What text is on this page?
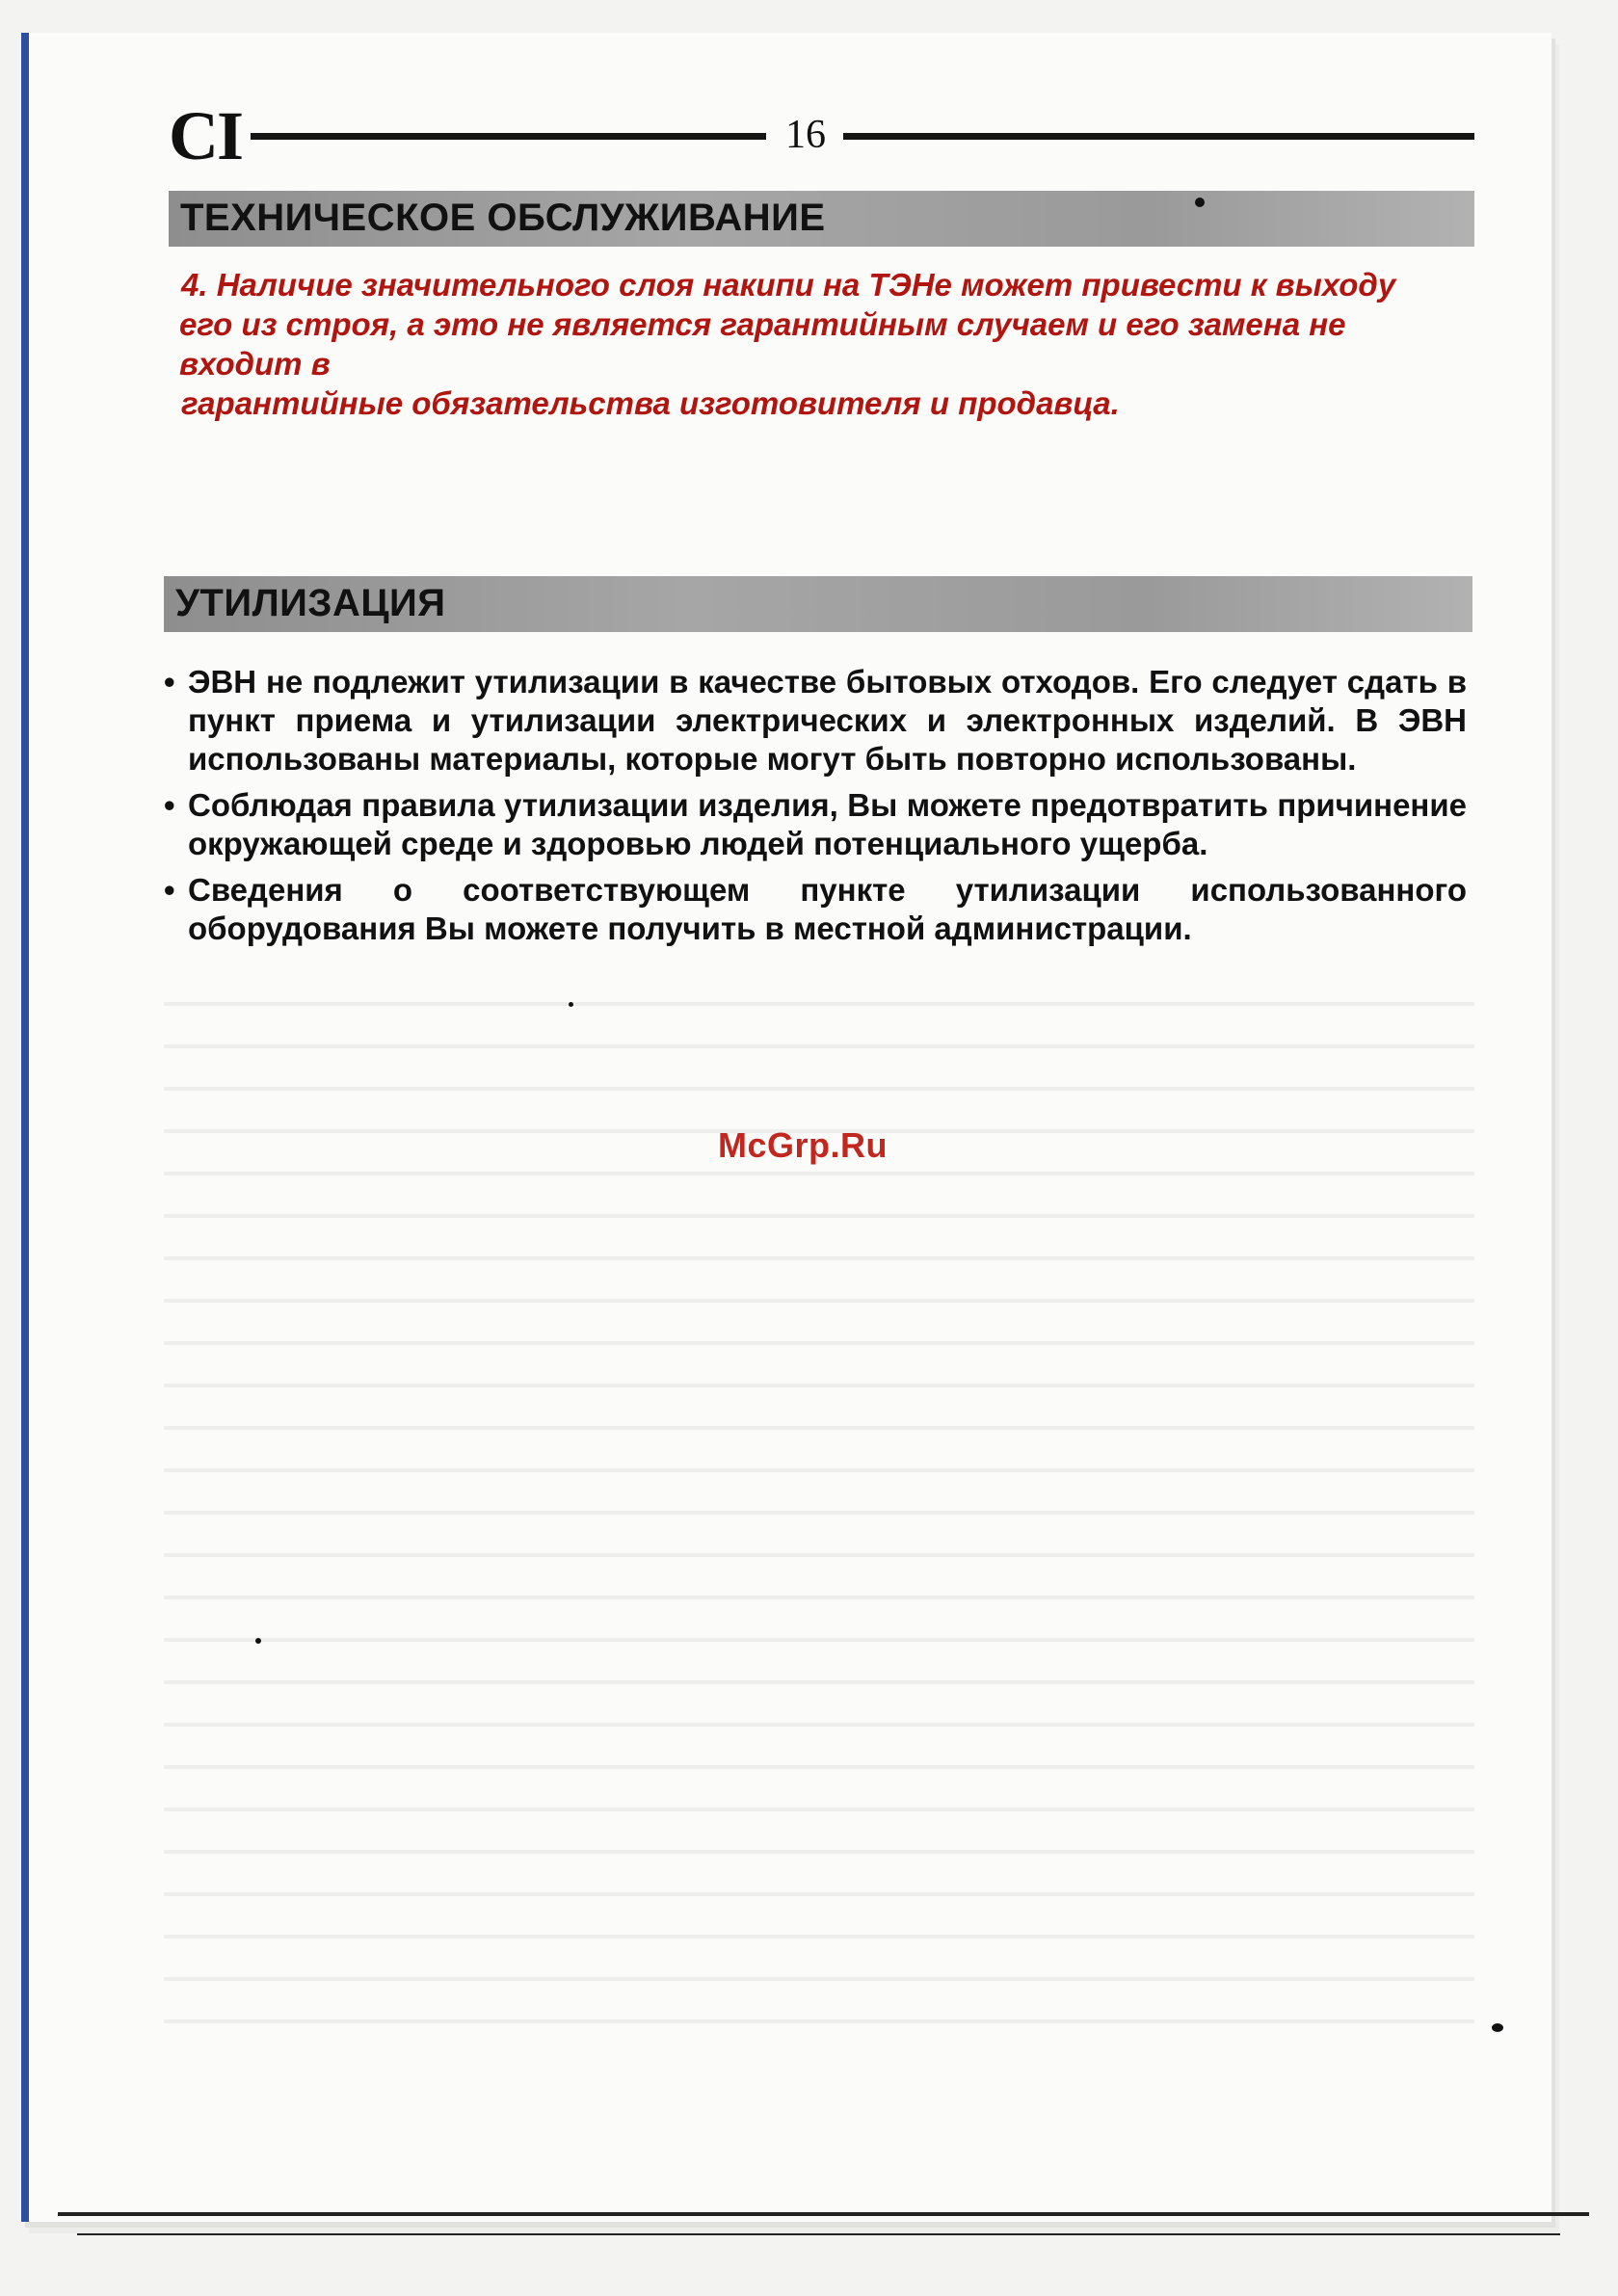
CI	16
ТЕХНИЧЕСКОЕ ОБСЛУЖИВАНИЕ

4. Наличие значительного слоя накипи на ТЭНе может привести к выходу

его из строя, а это не является гарантийным случаем и его замена не входит в

гарантийные обязательства изготовителя и продавца.

УТИЛИЗАЦИЯ
• ЭВН не подлежит утилизации в качестве бытовых отходов. Его следует сдать в пункт приема и утилизации электрических и электронных изделий. В ЭВН использованы материалы, которые могут быть повторно использованы.
• Соблюдая правила утилизации изделия, Вы можете предотвратить причинение окружающей среде и здоровью людей потенциального ущерба.
• Сведения о соответствующем пункте утилизации использованного оборудования Вы можете получить в местной администрации.
McGrp.Ru
